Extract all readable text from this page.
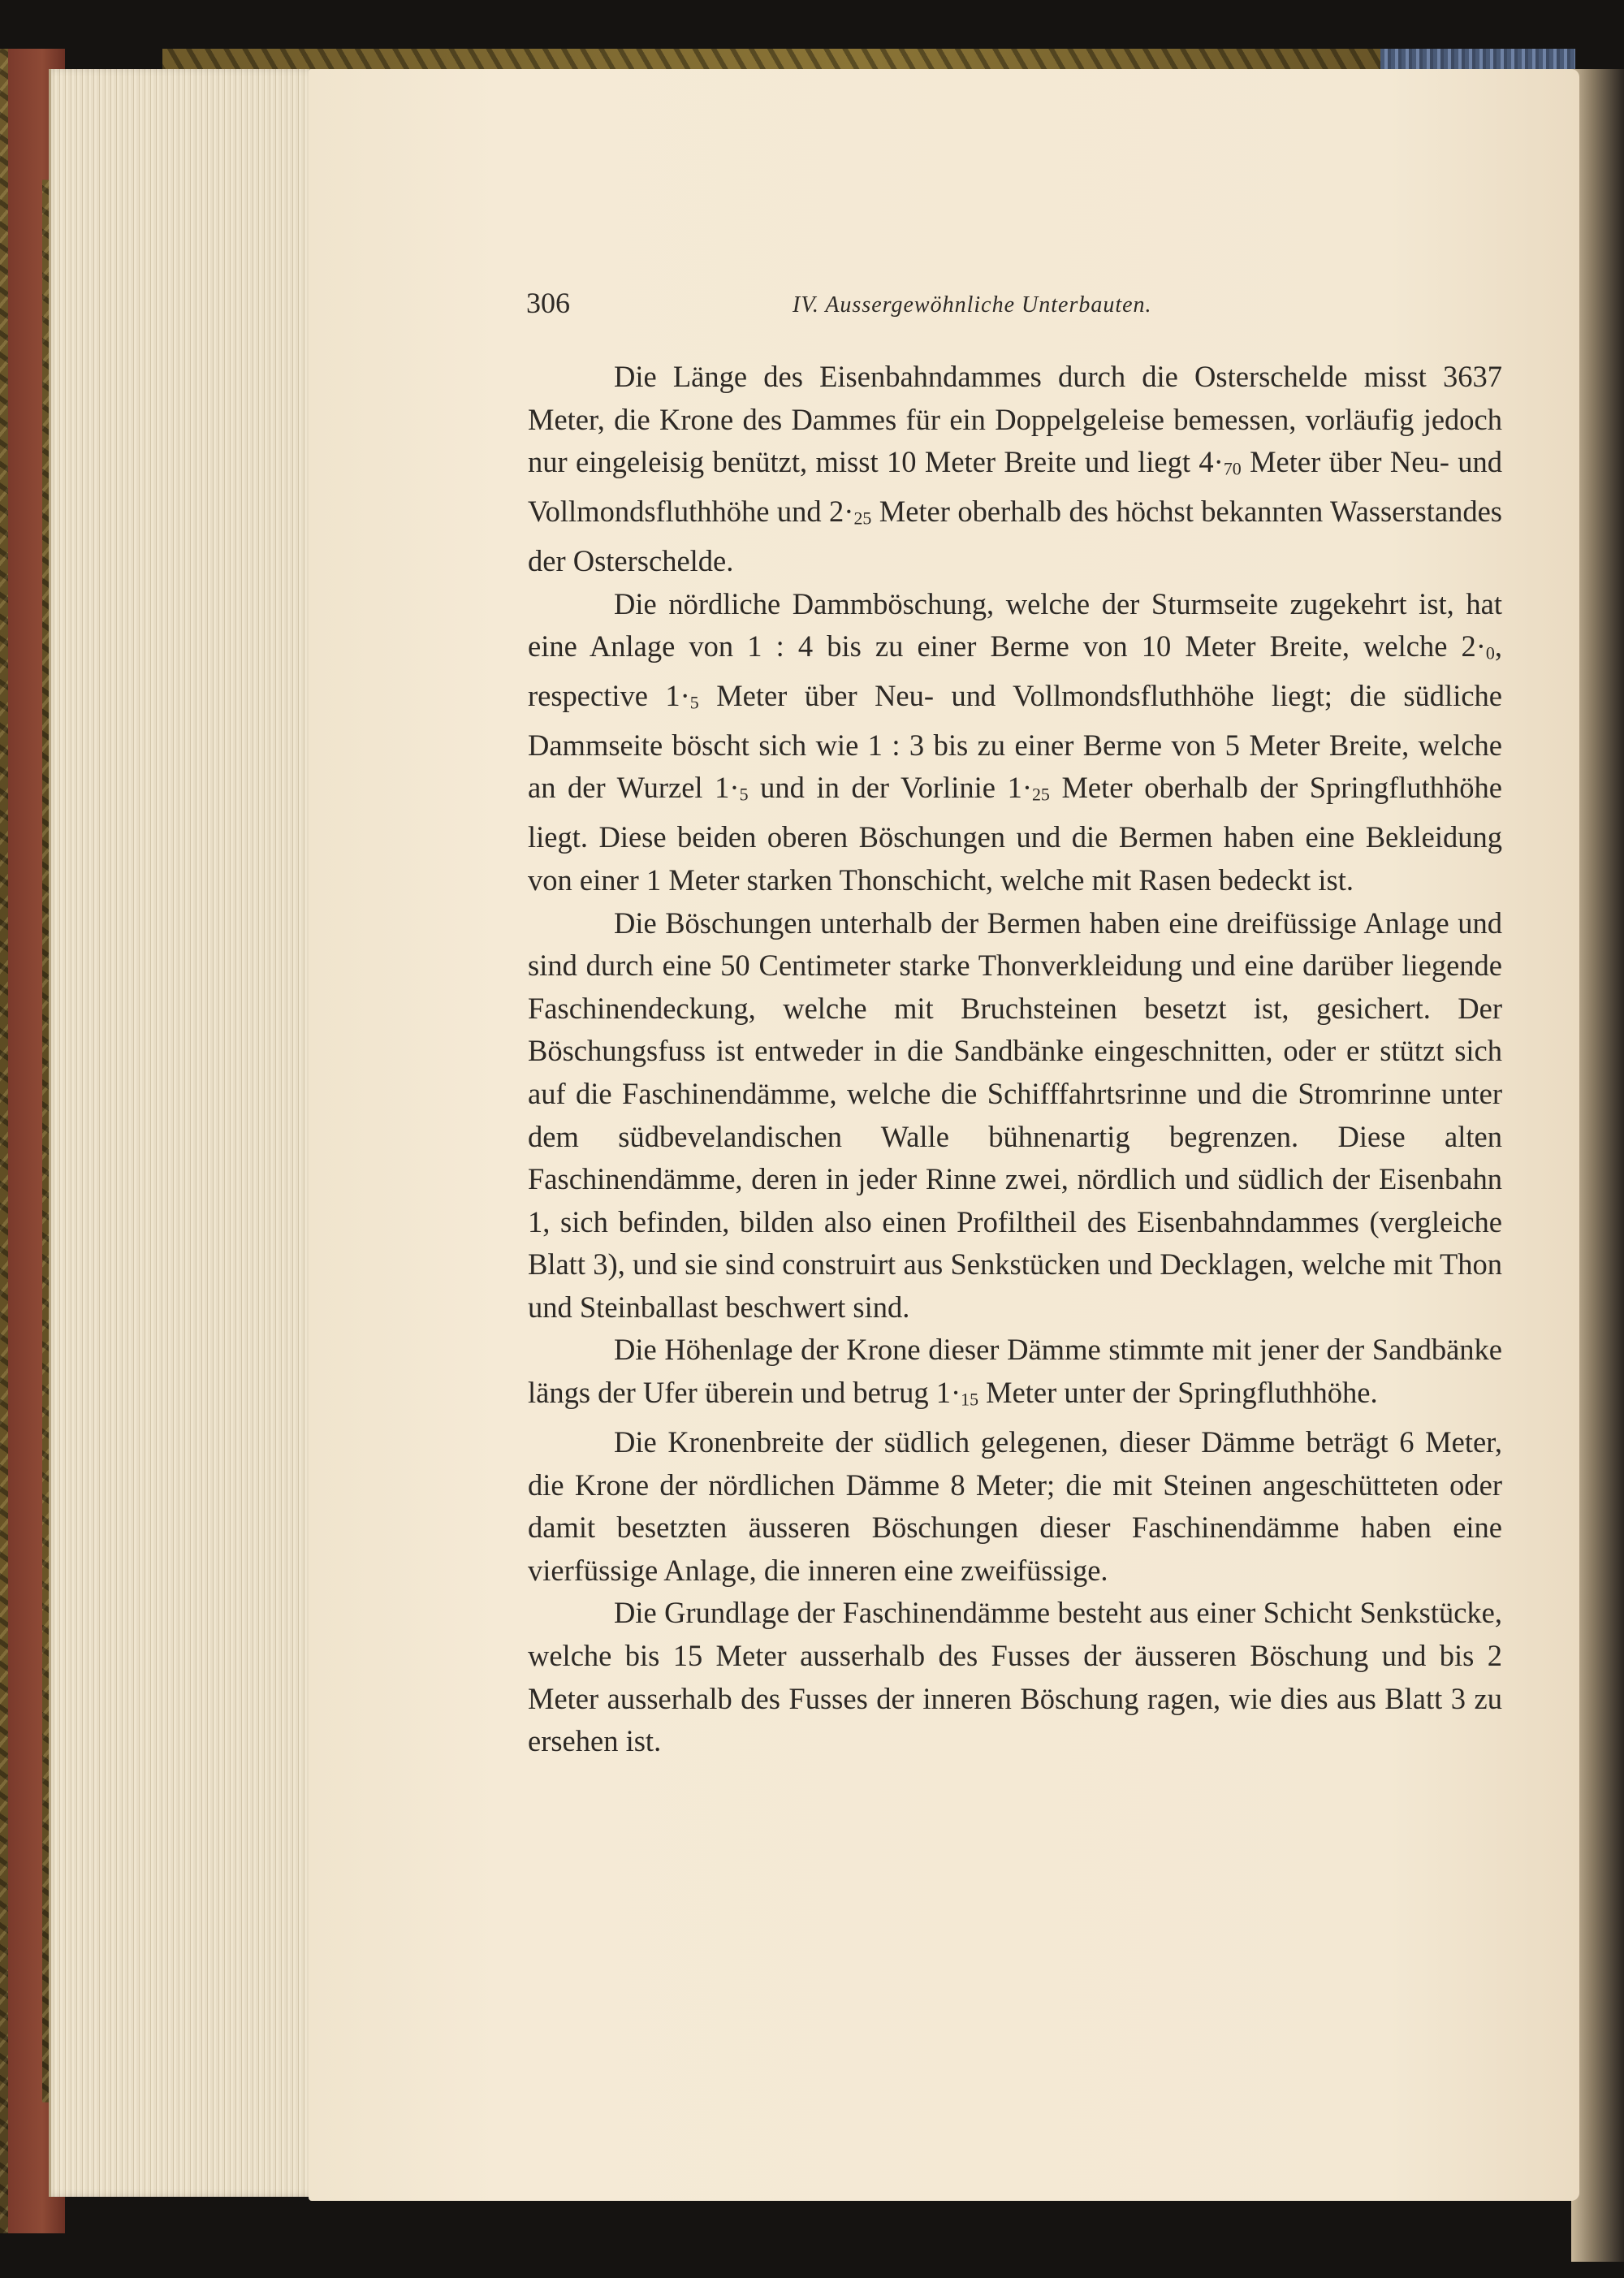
306	IV. Aussergewöhnliche Unterbauten.

Die Länge des Eisenbahndammes durch die Osterschelde misst 3637 Meter, die Krone des Dammes für ein Doppelgeleise bemessen, vorläufig jedoch nur eingeleisig benützt, misst 10 Meter Breite und liegt $4\cdot_{70}$ Meter über Neu- und Vollmondsfluthhöhe und $2\cdot_{25}$ Meter oberhalb des höchst bekannten Wasserstandes der Osterschelde.

Die nördliche Dammböschung, welche der Sturmseite zugekehrt ist, hat eine Anlage von 1 : 4 bis zu einer Berme von 10 Meter Breite, welche $2\cdot_0$, respective $1\cdot_5$ Meter über Neu- und Vollmondsfluthhöhe liegt; die südliche Dammseite böscht sich wie 1 : 3 bis zu einer Berme von 5 Meter Breite, welche an der Wurzel $1\cdot_5$ und in der Vorlinie $1\cdot_{25}$ Meter oberhalb der Springfluthhöhe liegt. Diese beiden oberen Böschungen und die Bermen haben eine Bekleidung von einer 1 Meter starken Thonschicht, welche mit Rasen bedeckt ist.

Die Böschungen unterhalb der Bermen haben eine dreifüssige Anlage und sind durch eine 50 Centimeter starke Thonverkleidung und eine darüber liegende Faschinendeckung, welche mit Bruchsteinen besetzt ist, gesichert. Der Böschungsfuss ist entweder in die Sandbänke eingeschnitten, oder er stützt sich auf die Faschinendämme, welche die Schifffahrtsrinne und die Stromrinne unter dem südbevelandischen Walle bühnenartig begrenzen. Diese alten Faschinendämme, deren in jeder Rinne zwei, nördlich und südlich der Eisenbahn 1, sich befinden, bilden also einen Profiltheil des Eisenbahndammes (vergleiche Blatt 3), und sie sind construirt aus Senkstücken und Decklagen, welche mit Thon und Steinballast beschwert sind.

Die Höhenlage der Krone dieser Dämme stimmte mit jener der Sandbänke längs der Ufer überein und betrug $1\cdot_{15}$ Meter unter der Springfluthhöhe.

Die Kronenbreite der südlich gelegenen, dieser Dämme beträgt 6 Meter, die Krone der nördlichen Dämme 8 Meter; die mit Steinen angeschütteten oder damit besetzten äusseren Böschungen dieser Faschinendämme haben eine vierfüssige Anlage, die inneren eine zweifüssige.

Die Grundlage der Faschinendämme besteht aus einer Schicht Senkstücke, welche bis 15 Meter ausserhalb des Fusses der äusseren Böschung und bis 2 Meter ausserhalb des Fusses der inneren Böschung ragen, wie dies aus Blatt 3 zu ersehen ist.
